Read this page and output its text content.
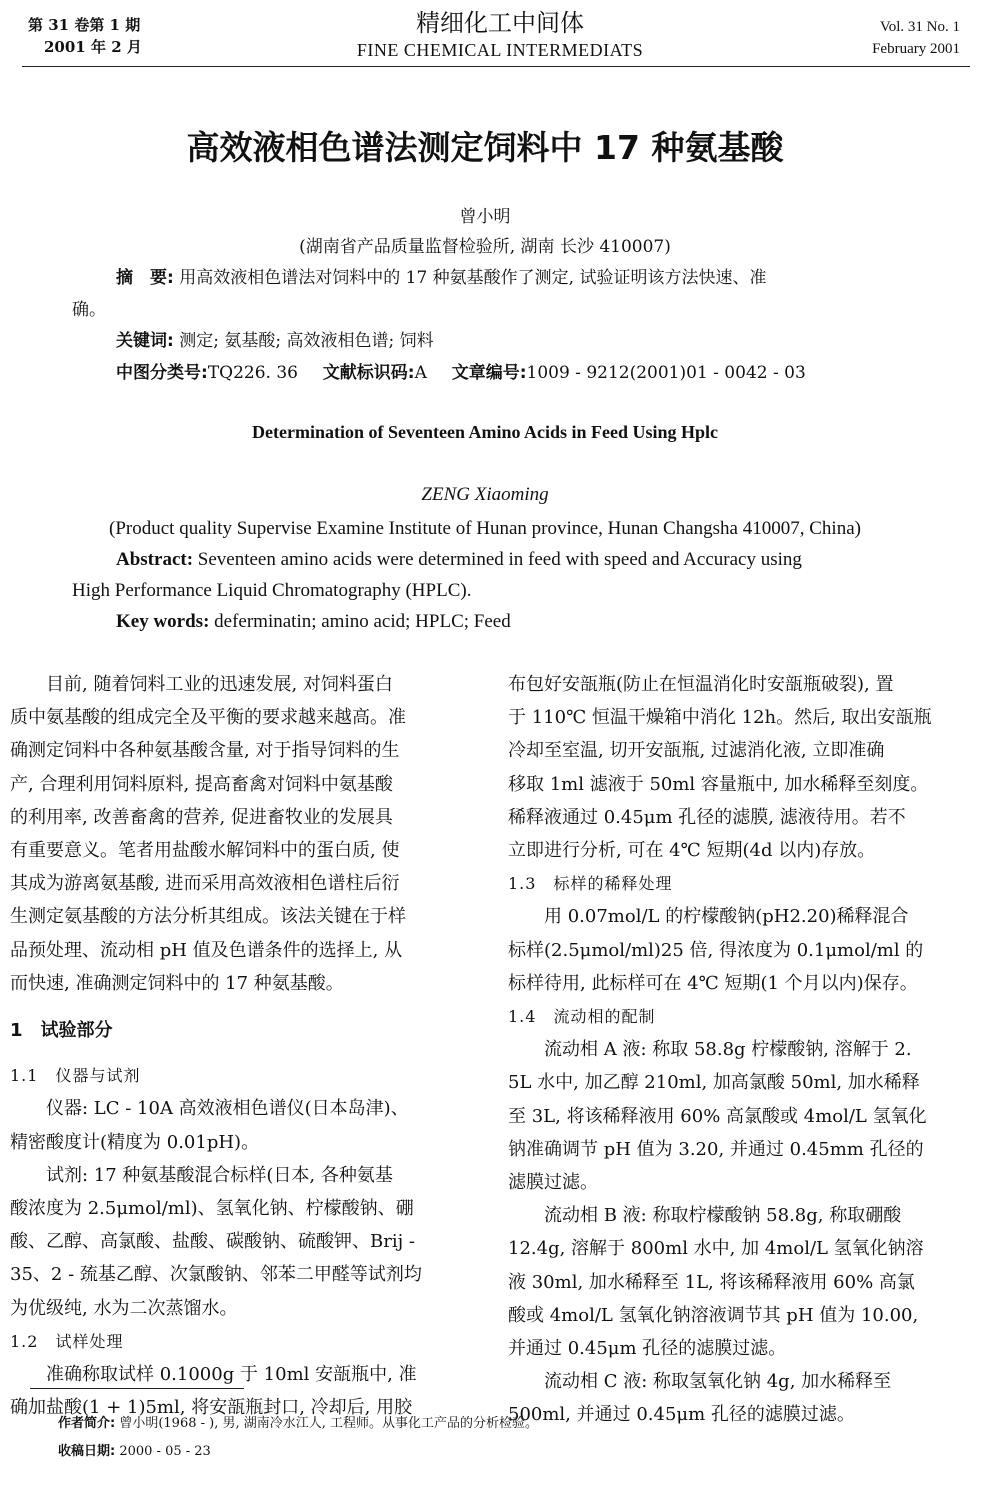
第 31 卷第 1 期
2001 年 2 月
精细化工中间体
FINE CHEMICAL INTERMEDIATS
Vol. 31 No. 1
February 2001
高效液相色谱法测定饲料中 17 种氨基酸
曾小明
(湖南省产品质量监督检验所, 湖南 长沙 410007)
摘　要: 用高效液相色谱法对饲料中的 17 种氨基酸作了测定, 试验证明该方法快速、准
确。
关键词: 测定; 氨基酸; 高效液相色谱; 饲料
中图分类号:TQ226. 36 文献标识码:A 文章编号:1009 - 9212(2001)01 - 0042 - 03
Determination of Seventeen Amino Acids in Feed Using Hplc
ZENG Xiaoming
(Product quality Supervise Examine Institute of Hunan province, Hunan Changsha 410007, China)
Abstract: Seventeen amino acids were determined in feed with speed and Accuracy using
High Performance Liquid Chromatography (HPLC).
Key words: deferminatin; amino acid; HPLC; Feed
目前, 随着饲料工业的迅速发展, 对饲料蛋白
质中氨基酸的组成完全及平衡的要求越来越高。准
确测定饲料中各种氨基酸含量, 对于指导饲料的生
产, 合理利用饲料原料, 提高畜禽对饲料中氨基酸
的利用率, 改善畜禽的营养, 促进畜牧业的发展具
有重要意义。笔者用盐酸水解饲料中的蛋白质, 使
其成为游离氨基酸, 进而采用高效液相色谱柱后衍
生测定氨基酸的方法分析其组成。该法关键在于样
品预处理、流动相 pH 值及色谱条件的选择上, 从
而快速, 准确测定饲料中的 17 种氨基酸。
1　试验部分
1.1　仪器与试剂
仪器: LC - 10A 高效液相色谱仪(日本岛津)、
精密酸度计(精度为 0.01pH)。
试剂: 17 种氨基酸混合标样(日本, 各种氨基
酸浓度为 2.5μmol/ml)、氢氧化钠、柠檬酸钠、硼
酸、乙醇、高氯酸、盐酸、碳酸钠、硫酸钾、Brij -
35、2 - 巯基乙醇、次氯酸钠、邻苯二甲醛等试剂均
为优级纯, 水为二次蒸馏水。
1.2　试样处理
准确称取试样 0.1000g 于 10ml 安瓿瓶中, 准
确加盐酸(1 + 1)5ml, 将安瓿瓶封口, 冷却后, 用胶
布包好安瓿瓶(防止在恒温消化时安瓿瓶破裂), 置
于 110℃ 恒温干燥箱中消化 12h。然后, 取出安瓿瓶
冷却至室温, 切开安瓿瓶, 过滤消化液, 立即准确
移取 1ml 滤液于 50ml 容量瓶中, 加水稀释至刻度。
稀释液通过 0.45μm 孔径的滤膜, 滤液待用。若不
立即进行分析, 可在 4℃ 短期(4d 以内)存放。
1.3　标样的稀释处理
用 0.07mol/L 的柠檬酸钠(pH2.20)稀释混合
标样(2.5μmol/ml)25 倍, 得浓度为 0.1μmol/ml 的
标样待用, 此标样可在 4℃ 短期(1 个月以内)保存。
1.4　流动相的配制
流动相 A 液: 称取 58.8g 柠檬酸钠, 溶解于 2.
5L 水中, 加乙醇 210ml, 加高氯酸 50ml, 加水稀释
至 3L, 将该稀释液用 60% 高氯酸或 4mol/L 氢氧化
钠准确调节 pH 值为 3.20, 并通过 0.45mm 孔径的
滤膜过滤。
流动相 B 液: 称取柠檬酸钠 58.8g, 称取硼酸
12.4g, 溶解于 800ml 水中, 加 4mol/L 氢氧化钠溶
液 30ml, 加水稀释至 1L, 将该稀释液用 60% 高氯
酸或 4mol/L 氢氧化钠溶液调节其 pH 值为 10.00,
并通过 0.45μm 孔径的滤膜过滤。
流动相 C 液: 称取氢氧化钠 4g, 加水稀释至
500ml, 并通过 0.45μm 孔径的滤膜过滤。
作者简介: 曾小明(1968 - ), 男, 湖南冷水江人, 工程师。从事化工产品的分析检验。
收稿日期: 2000 - 05 - 23
